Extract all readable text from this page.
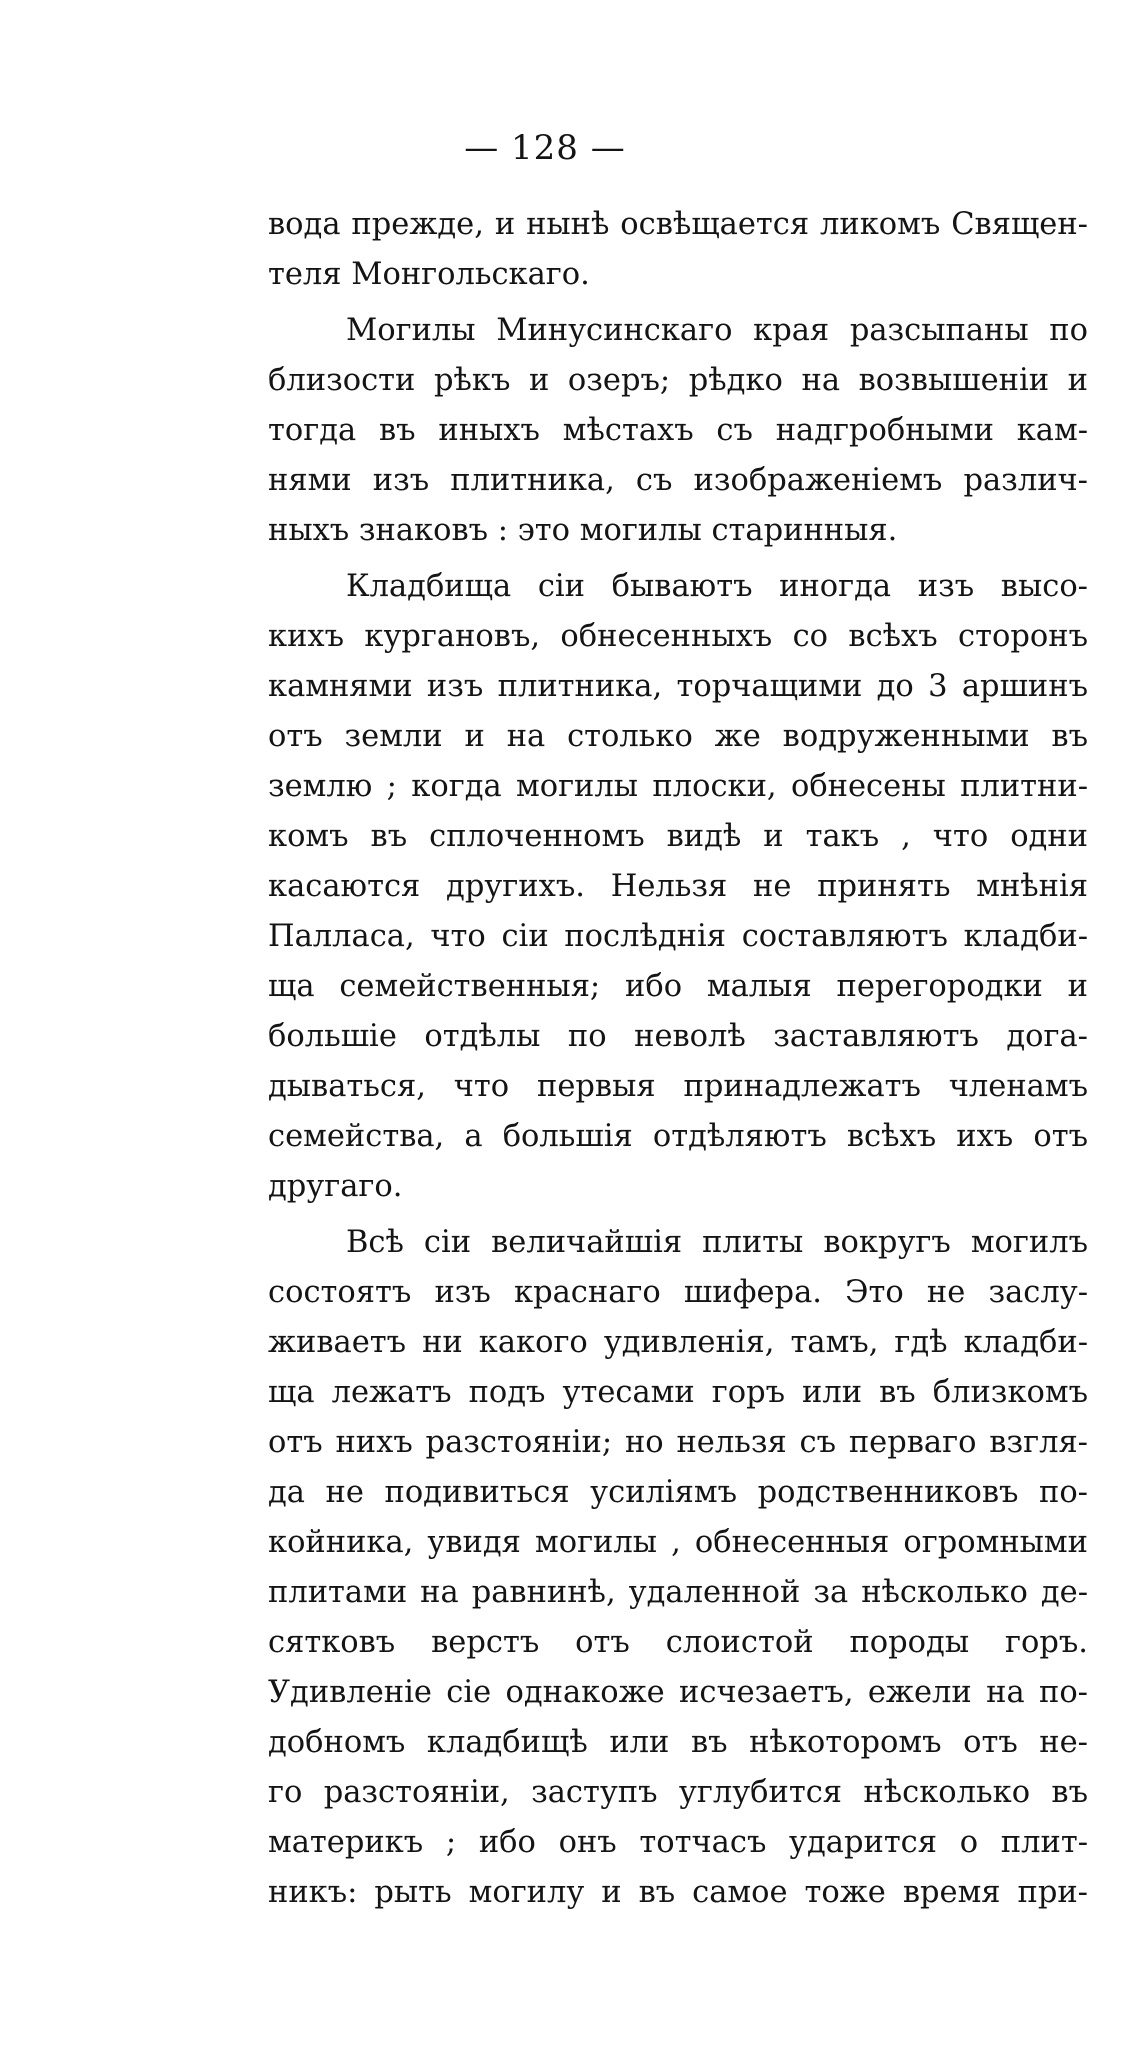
— 128 —
вода прежде, и нынѣ освѣщается ликомъ Священ-
теля Монгольскаго.
Могилы Минусинскаго края разсыпаны по
близости рѣкъ и озеръ; рѣдко на возвышеніи и
тогда въ иныхъ мѣстахъ съ надгробными кам-
нями изъ плитника, съ изображеніемъ различ-
ныхъ знаковъ : это могилы старинныя.
Кладбища сіи бываютъ иногда изъ высо-
кихъ кургановъ, обнесенныхъ со всѣхъ сторонъ
камнями изъ плитника, торчащими до 3 аршинъ
отъ земли и на столько же водруженными въ
землю ; когда могилы плоски, обнесены плитни-
комъ въ сплоченномъ видѣ и такъ , что одни
касаются другихъ. Нельзя не принять мнѣнія
Палласа, что сіи послѣднія составляютъ кладби-
ща семейственныя; ибо малыя перегородки и
большіе отдѣлы по неволѣ заставляютъ дога-
дываться, что первыя принадлежатъ членамъ
семейства, а большія отдѣляютъ всѣхъ ихъ отъ
другаго.
Всѣ сіи величайшія плиты вокругъ могилъ
состоятъ изъ краснаго шифера. Это не заслу-
живаетъ ни какого удивленія, тамъ, гдѣ кладби-
ща лежатъ подъ утесами горъ или въ близкомъ
отъ нихъ разстояніи; но нельзя съ перваго взгля-
да не подивиться усиліямъ родственниковъ по-
койника, увидя могилы , обнесенныя огромными
плитами на равнинѣ, удаленной за нѣсколько де-
сятковъ верстъ отъ слоистой породы горъ.
Удивленіе сіе однакоже исчезаетъ, ежели на по-
добномъ кладбищѣ или въ нѣкоторомъ отъ не-
го разстояніи, заступъ углубится нѣсколько въ
материкъ ; ибо онъ тотчасъ ударится о плит-
никъ: рыть могилу и въ самое тоже время при-
